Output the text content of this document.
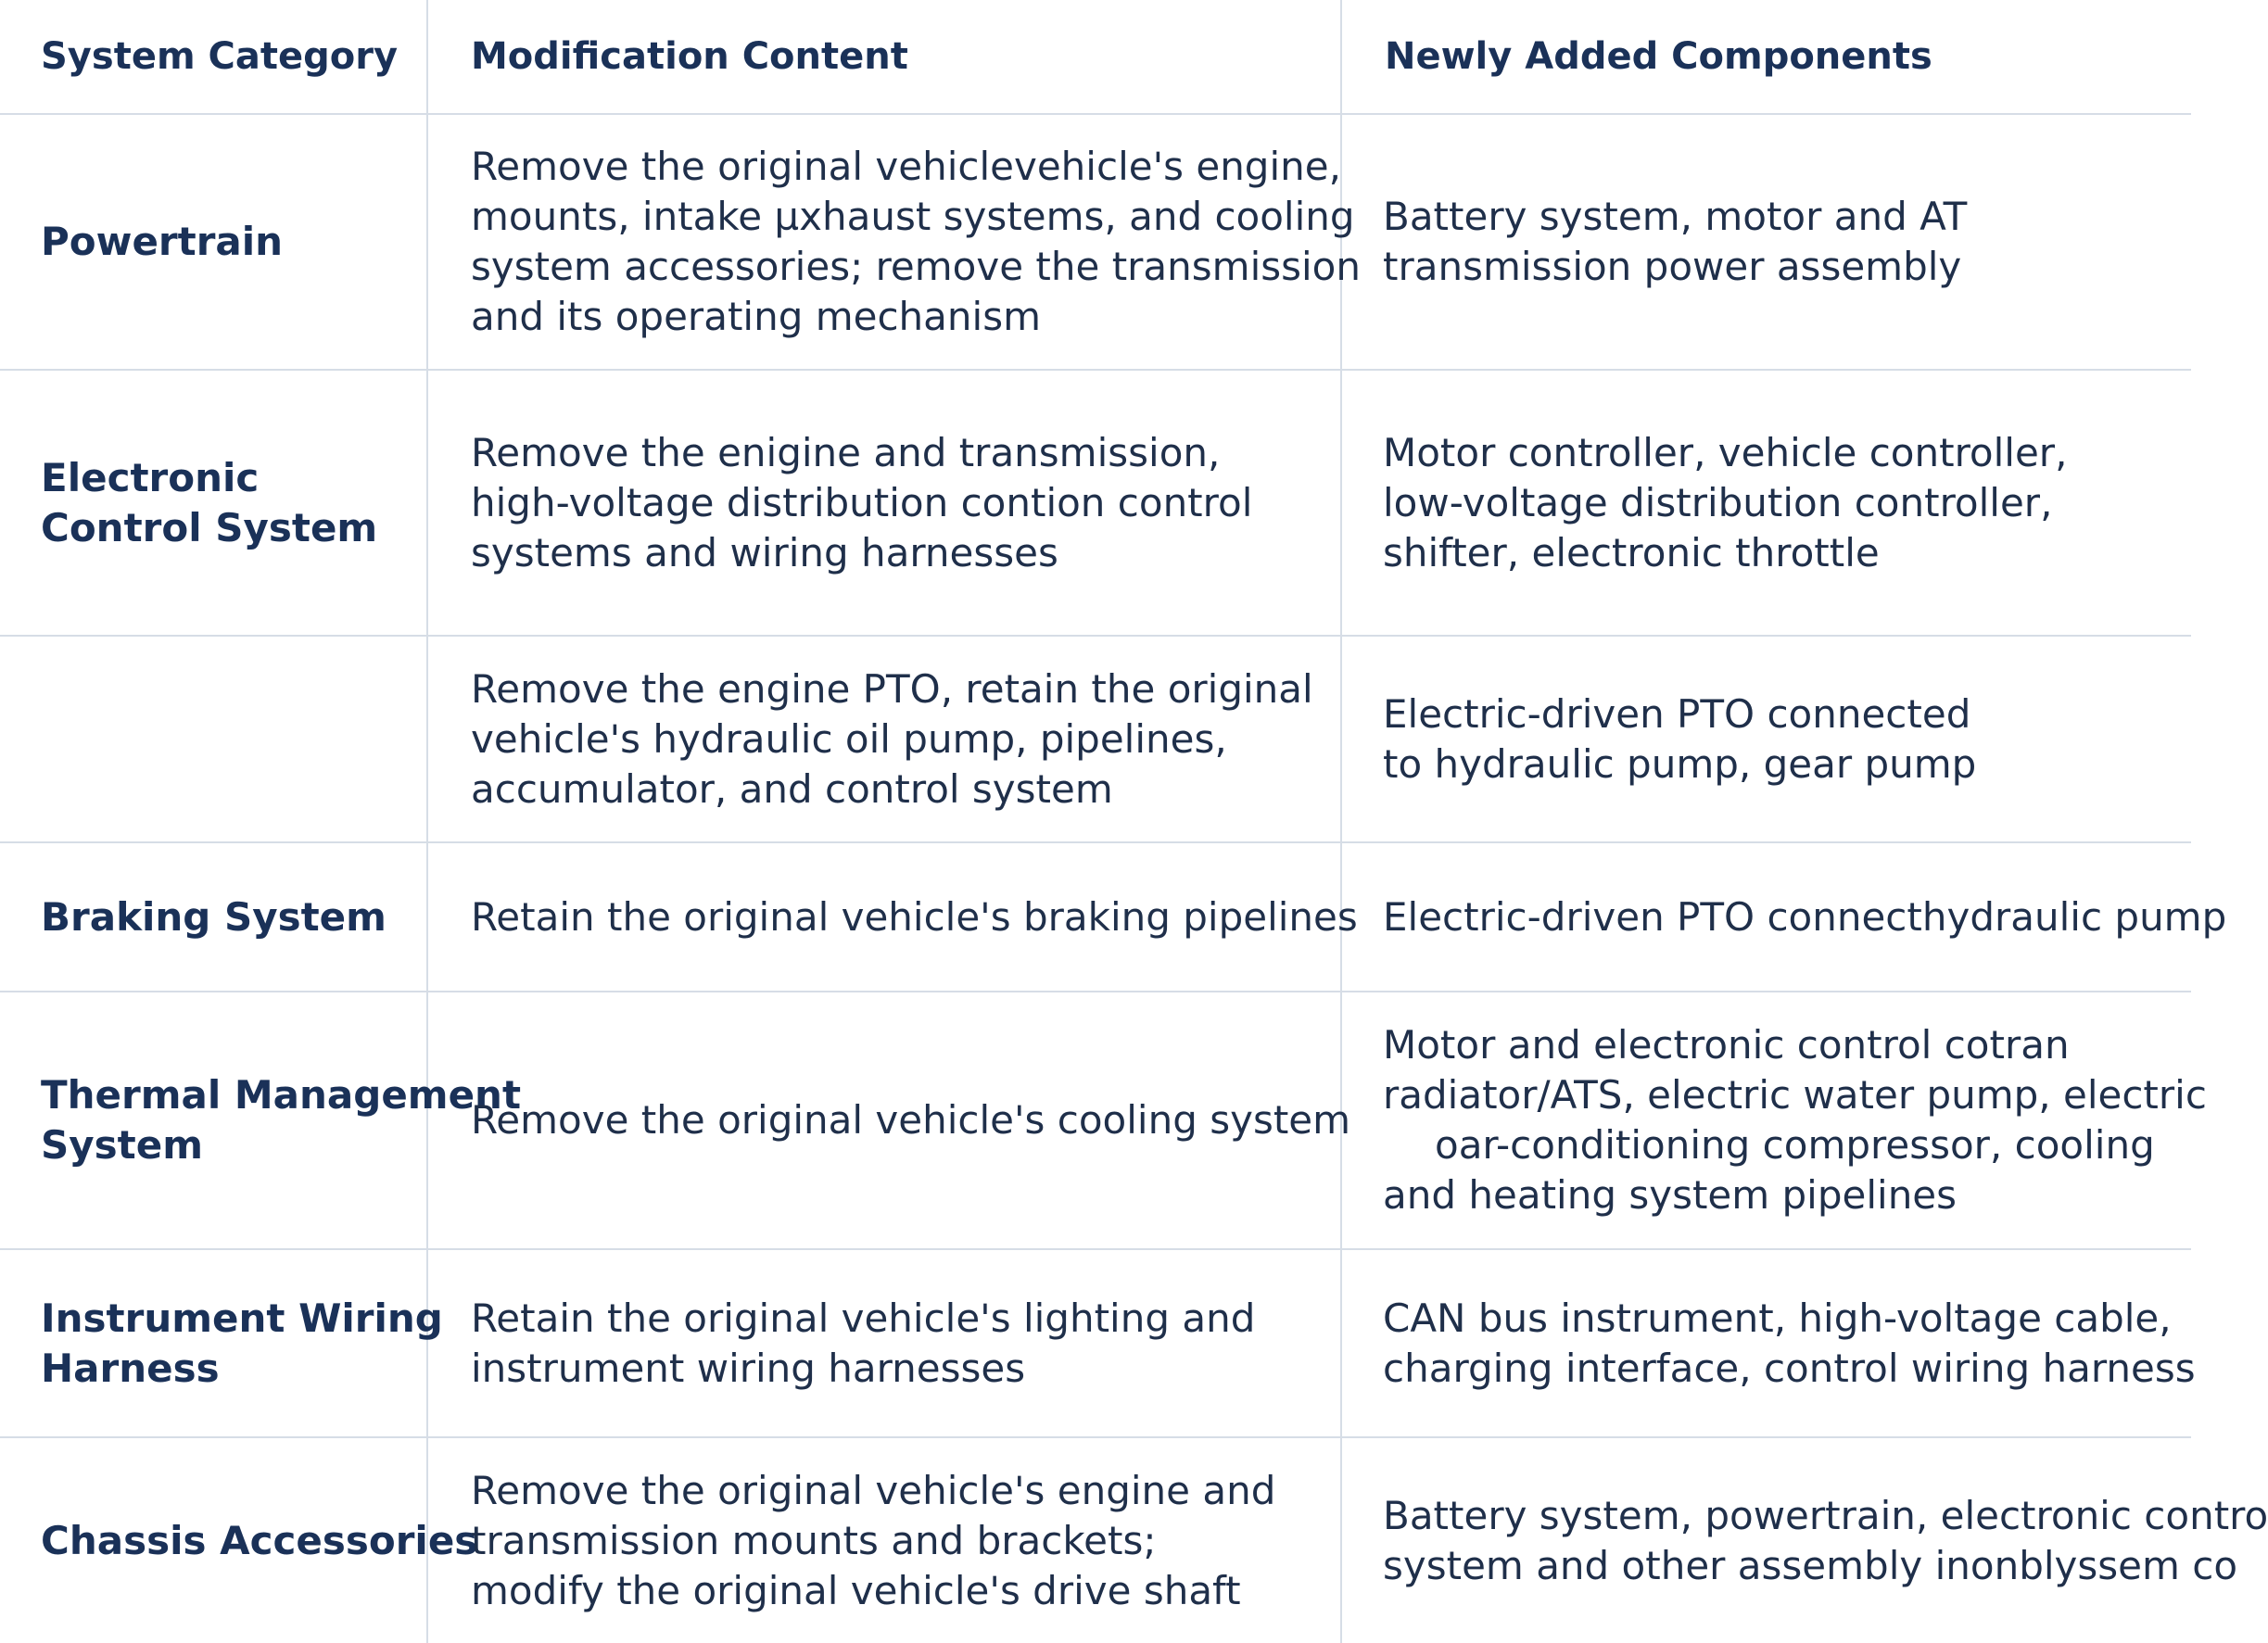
System Category	Modification Content	Newly Added Components

Powertrain	Remove the original vehiclevehicle's engine,
mounts, intake µxhaust systems, and cooling
system accessories; remove the transmission
and its operating mechanism	Battery system, motor and AT
transmission power assembly

Electronic
Control System	Remove the enigine and transmission,
high-voltage distribution contion control
systems and wiring harnesses	Motor controller, vehicle controller,
low-voltage distribution controller,
shifter, electronic throttle

	Remove the engine PTO, retain the original
vehicle's hydraulic oil pump, pipelines,
accumulator, and control system	Electric-driven PTO connected
to hydraulic pump, gear pump

Braking System	Retain the original vehicle's braking pipelines	Electric-driven PTO connecthydraulic pump

Thermal Management
System	Remove the original vehicle's cooling system	Motor and electronic control cotran
radiator/ATS, electric water pump, electric
oar-conditioning compressor, cooling
and heating system pipelines

Instrument Wiring
Harness	Retain the original vehicle's lighting and
instrument wiring harnesses	CAN bus instrument, high-voltage cable,
charging interface, control wiring harness

Chassis Accessories	Remove the original vehicle's engine and
transmission mounts and brackets;
modify the original vehicle's drive shaft	Battery system, powertrain, electronic contro
system and other assembly inonblyssem co
